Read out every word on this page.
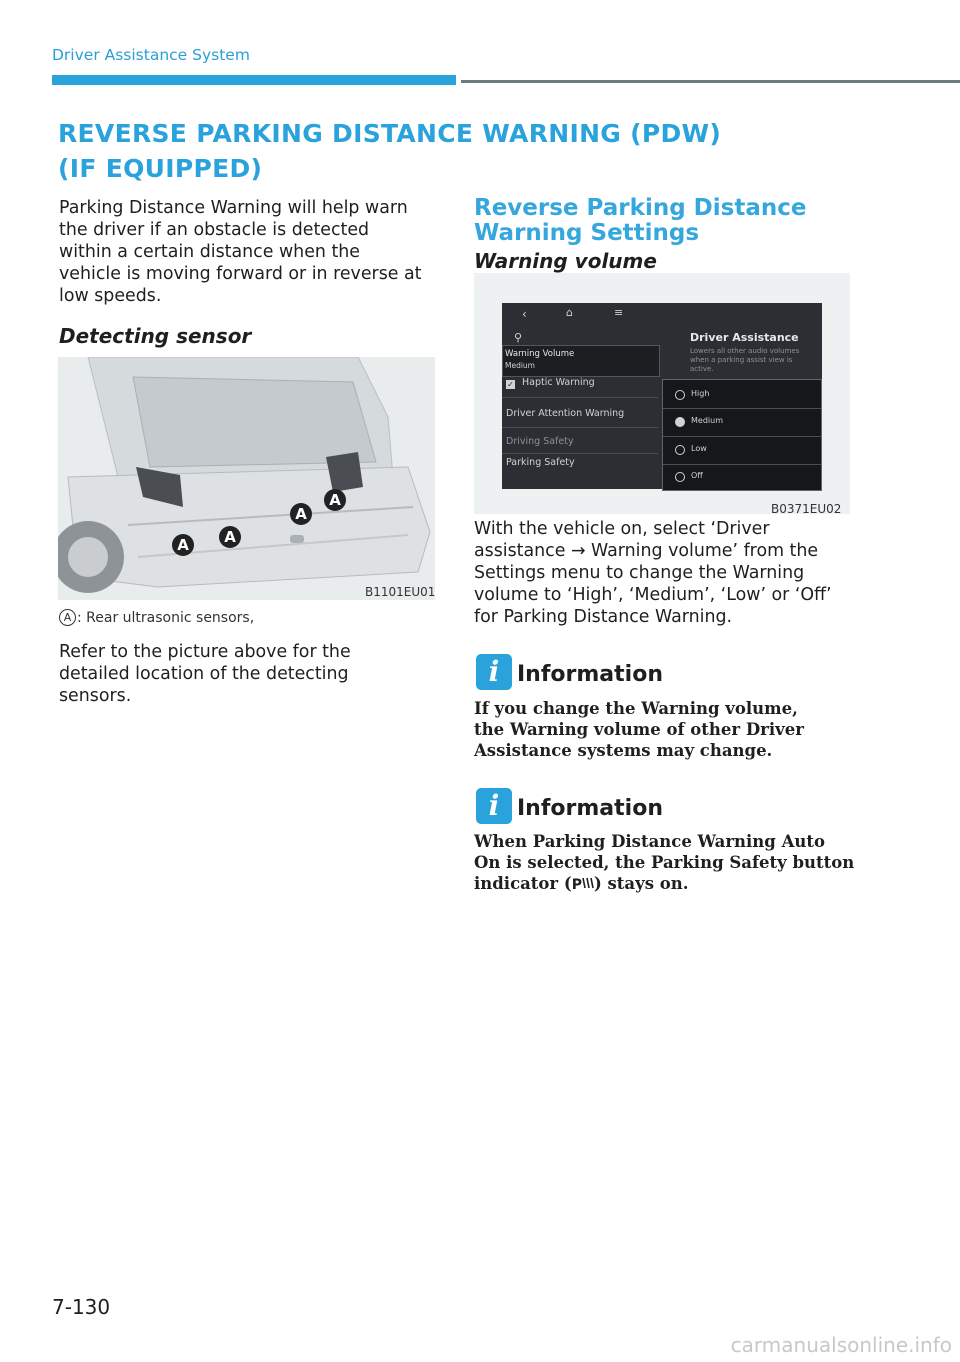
Driver Assistance System
REVERSE PARKING DISTANCE WARNING (PDW)
(IF EQUIPPED)
Parking Distance Warning will help warn
the driver if an obstacle is detected
within a certain distance when the
vehicle is moving forward or in reverse at
low speeds.
Detecting sensor
A A
A
A
B1101EU01
A : Rear ultrasonic sensors,
Refer to the picture above for the
detailed location of the detecting
sensors.
Reverse Parking Distance
Warning Settings
Warning volume
‹	⌂	≡
⚲	Driver Assistance
Lowers all other audio volumes
when a parking assist view is
active.
Warning Volume
Medium
✓ Haptic Warning
Driver Attention Warning
Driving Safety
Parking Safety
High
Medium
Low
Off
B0371EU02
With the vehicle on, select ‘Driver
assistance → Warning volume’ from the
Settings menu to change the Warning
volume to ‘High’, ‘Medium’, ‘Low’ or ‘Off’
for Parking Distance Warning.
i Information
If you change the Warning volume,
the Warning volume of other Driver
Assistance systems may change.
i Information
When Parking Distance Warning Auto
On is selected, the Parking Safety button
indicator (P ) stays on.
7-130
carmanualsonline.info
